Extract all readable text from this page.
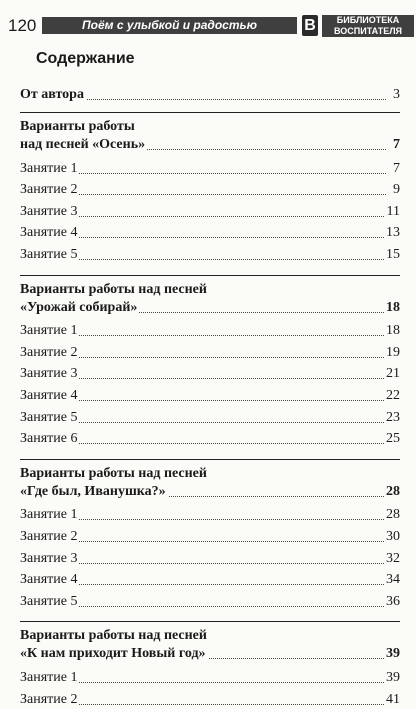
120	Поём с улыбкой и радостью	В	БИБЛИОТЕКА
ВОСПИТАТЕЛЯ
Содержание
От автора	3
Варианты работы
над песней «Осень»	7
Занятие 1	7
Занятие 2	9
Занятие 3	11
Занятие 4	13
Занятие 5	15
Варианты работы над песней
«Урожай собирай»	18
Занятие 1	18
Занятие 2	19
Занятие 3	21
Занятие 4	22
Занятие 5	23
Занятие 6	25
Варианты работы над песней
«Где был, Иванушка?»	28
Занятие 1	28
Занятие 2	30
Занятие 3	32
Занятие 4	34
Занятие 5	36
Варианты работы над песней
«К нам приходит Новый год»	39
Занятие 1	39
Занятие 2	41
